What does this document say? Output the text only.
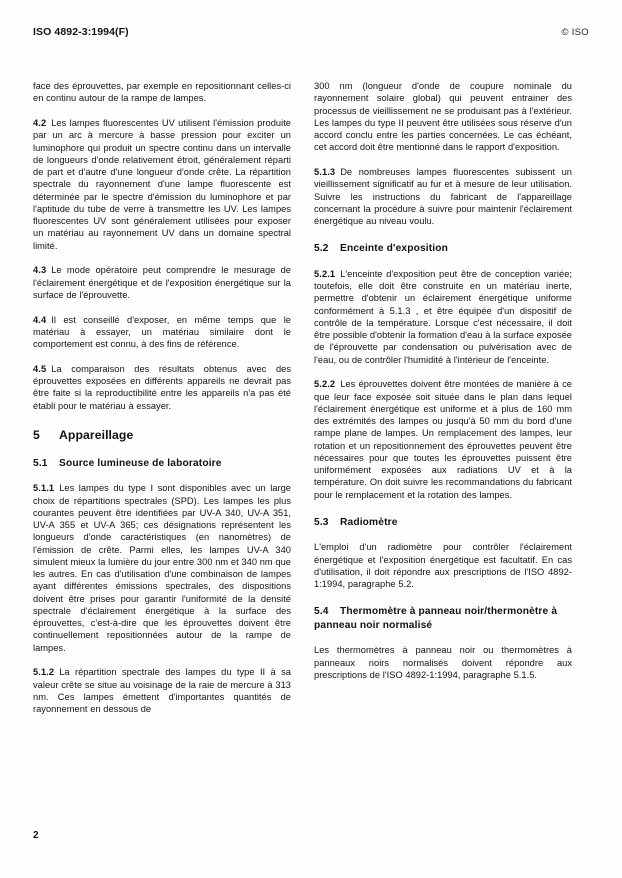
ISO 4892-3:1994(F)	© ISO

face des éprouvettes, par exemple en repositionnant celles-ci en continu autour de la rampe de lampes.

4.2 Les lampes fluorescentes UV utilisent l'émission produite par un arc à mercure à basse pression pour exciter un luminophore qui produit un spectre continu dans un intervalle de longueurs d'onde relativement étroit, généralement réparti de part et d'autre d'une longueur d'onde crête. La répartition spectrale du rayonnement d'une lampe fluorescente est déterminée par le spectre d'émission du luminophore et par l'aptitude du tube de verre à transmettre les UV. Les lampes fluorescentes UV sont généralement utilisées pour exposer un matériau au rayonnement UV dans un domaine spectral limité.

4.3 Le mode opératoire peut comprendre le mesurage de l'éclairement énergétique et de l'exposition énergétique sur la surface de l'éprouvette.

4.4 Il est conseillé d'exposer, en même temps que le matériau à essayer, un matériau similaire dont le comportement est connu, à des fins de référence.

4.5 La comparaison des résultats obtenus avec des éprouvettes exposées en différents appareils ne devrait pas être faite si la reproductibilité entre les appareils n'a pas été établi pour le matériau à essayer.

5 Appareillage
5.1 Source lumineuse de laboratoire

5.1.1 Les lampes du type I sont disponibles avec un large choix de répartitions spectrales (SPD). Les lampes les plus courantes peuvent être identifiées par UV-A 340, UV-A 351, UV-A 355 et UV-A 365; ces désignations représentent les longueurs d'onde caractéristiques (en nanomètres) de l'émission de crête. Parmi elles, les lampes UV-A 340 simulent mieux la lumière du jour entre 300 nm et 340 nm que les autres. En cas d'utilisation d'une combinaison de lampes ayant différentes émissions spectrales, des dispositions doivent être prises pour garantir l'uniformité de la densité spectrale d'éclairement énergétique à la surface des éprouvettes, c'est-à-dire que les éprouvettes doivent être continuellement repositionnées autour de la rampe de lampes.

5.1.2 La répartition spectrale des lampes du type II à sa valeur crête se situe au voisinage de la raie de mercure à 313 nm. Ces lampes émettent d'importantes quantités de rayonnement en dessous de

300 nm (longueur d'onde de coupure nominale du rayonnement solaire global) qui peuvent entrainer des processus de vieillissement ne se produisant pas à l'extérieur. Les lampes du type II peuvent être utilisées sous réserve d'un accord conclu entre les parties concernées. Le cas échéant, cet accord doit être mentionné dans le rapport d'exposition.

5.1.3 De nombreuses lampes fluorescentes subissent un vieillissement significatif au fur et à mesure de leur utilisation. Suivre les instructions du fabricant de l'appareillage concernant la procédure à suivre pour maintenir l'éclairement énergétique au niveau voulu.

5.2 Enceinte d'exposition

5.2.1 L'enceinte d'exposition peut être de conception variée; toutefois, elle doit être construite en un matériau inerte, permettre d'obtenir un éclairement énergétique uniforme conformément à 5.1.3 , et être équipée d'un dispositif de contrôle de la température. Lorsque c'est nécessaire, il doit être possible d'obtenir la formation d'eau à la surface exposée de l'éprouvette par condensation ou pulvérisation avec de l'eau, ou de contrôler l'humidité à l'intérieur de l'enceinte.

5.2.2 Les éprouvettes doivent être montées de manière à ce que leur face exposée soit située dans le plan dans lequel l'éclairement énergétique est uniforme et à plus de 160 mm des extrémités des lampes ou jusqu'à 50 mm du bord d'une rampe plane de lampes. Un remplacement des lampes, leur rotation et un repositionnement des éprouvettes peuvent être nécessaires pour que toutes les éprouvettes puissent être uniformément exposées aux radiations UV et à la température. On doit suivre les recommandations du fabricant pour le remplacement et la rotation des lampes.

5.3 Radiomètre

L'emploi d'un radiomètre pour contrôler l'éclairement énergétique et l'exposition énergétique est facultatif. En cas d'utilisation, il doit répondre aux prescriptions de l'ISO 4892-1:1994, paragraphe 5.2.

5.4 Thermomètre à panneau noir/thermonètre à panneau noir normalisé

Les thermomètres à panneau noir ou thermomètres à panneaux noirs normalisés doivent répondre aux prescriptions de l'ISO 4892-1:1994, paragraphe 5.1.5.

2
